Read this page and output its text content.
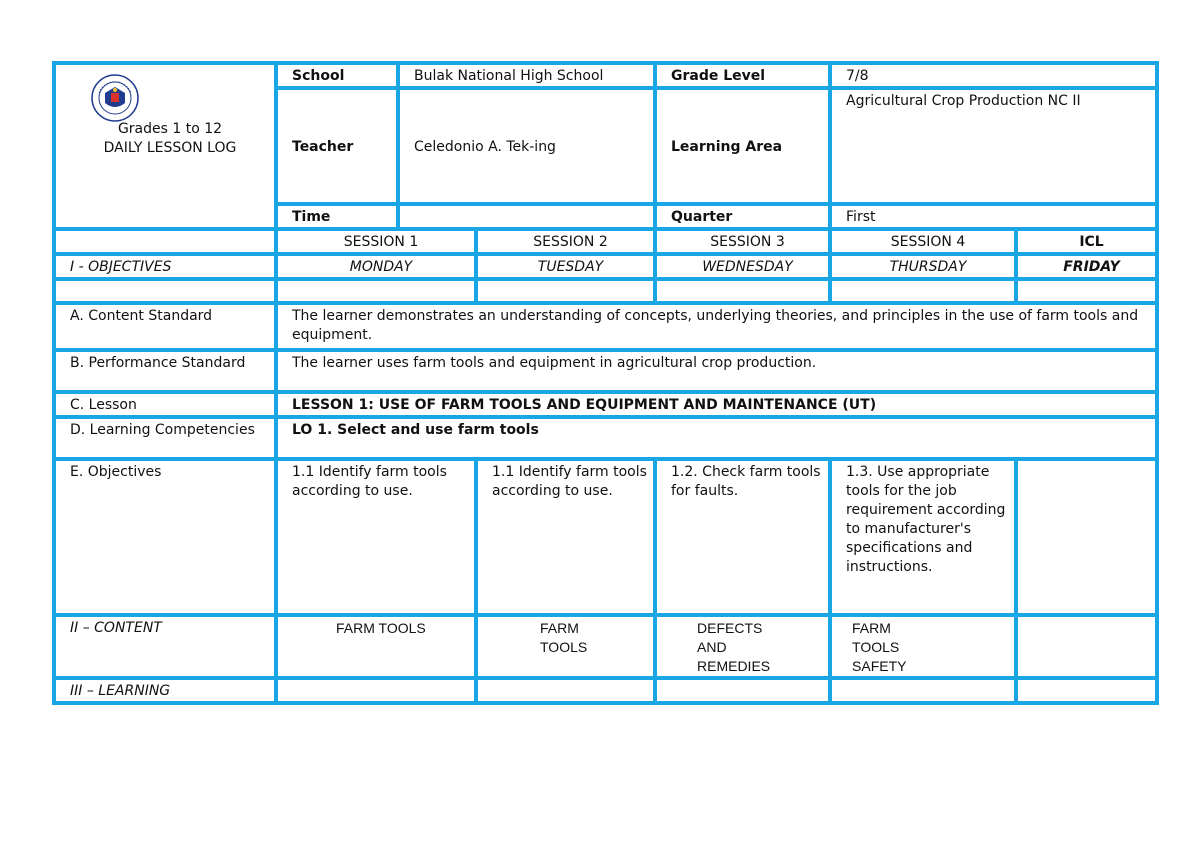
Grades 1 to 12
DAILY LESSON LOG	School	Bulak National High School		Grade Level	7/8	
	Teacher	Celedonio A. Tek-ing		Learning Area	Agricultural Crop Production NC II	
	Time			Quarter	First	
	SESSION 1		SESSION 2	SESSION 3	SESSION 4	ICL
I - OBJECTIVES	MONDAY		TUESDAY	WEDNESDAY	THURSDAY	FRIDAY

A. Content Standard	The learner demonstrates an understanding of concepts, underlying theories, and principles in the use of farm tools and equipment.					
B. Performance Standard	The learner uses farm tools and equipment in agricultural crop production.					
C. Lesson	LESSON 1: USE OF FARM TOOLS AND EQUIPMENT AND MAINTENANCE (UT)					
D. Learning Competencies	LO 1. Select and use farm tools					
E. Objectives	1.1 Identify farm tools according to use.		1.1 Identify farm tools according to use.	1.2. Check farm tools for faults.	1.3. Use appropriate tools for the job requirement according to manufacturer's specifications and instructions.	
II – CONTENT	FARM TOOLS		FARM TOOLS	DEFECTS AND REMEDIES	FARM TOOLS SAFETY	
III – LEARNING						
